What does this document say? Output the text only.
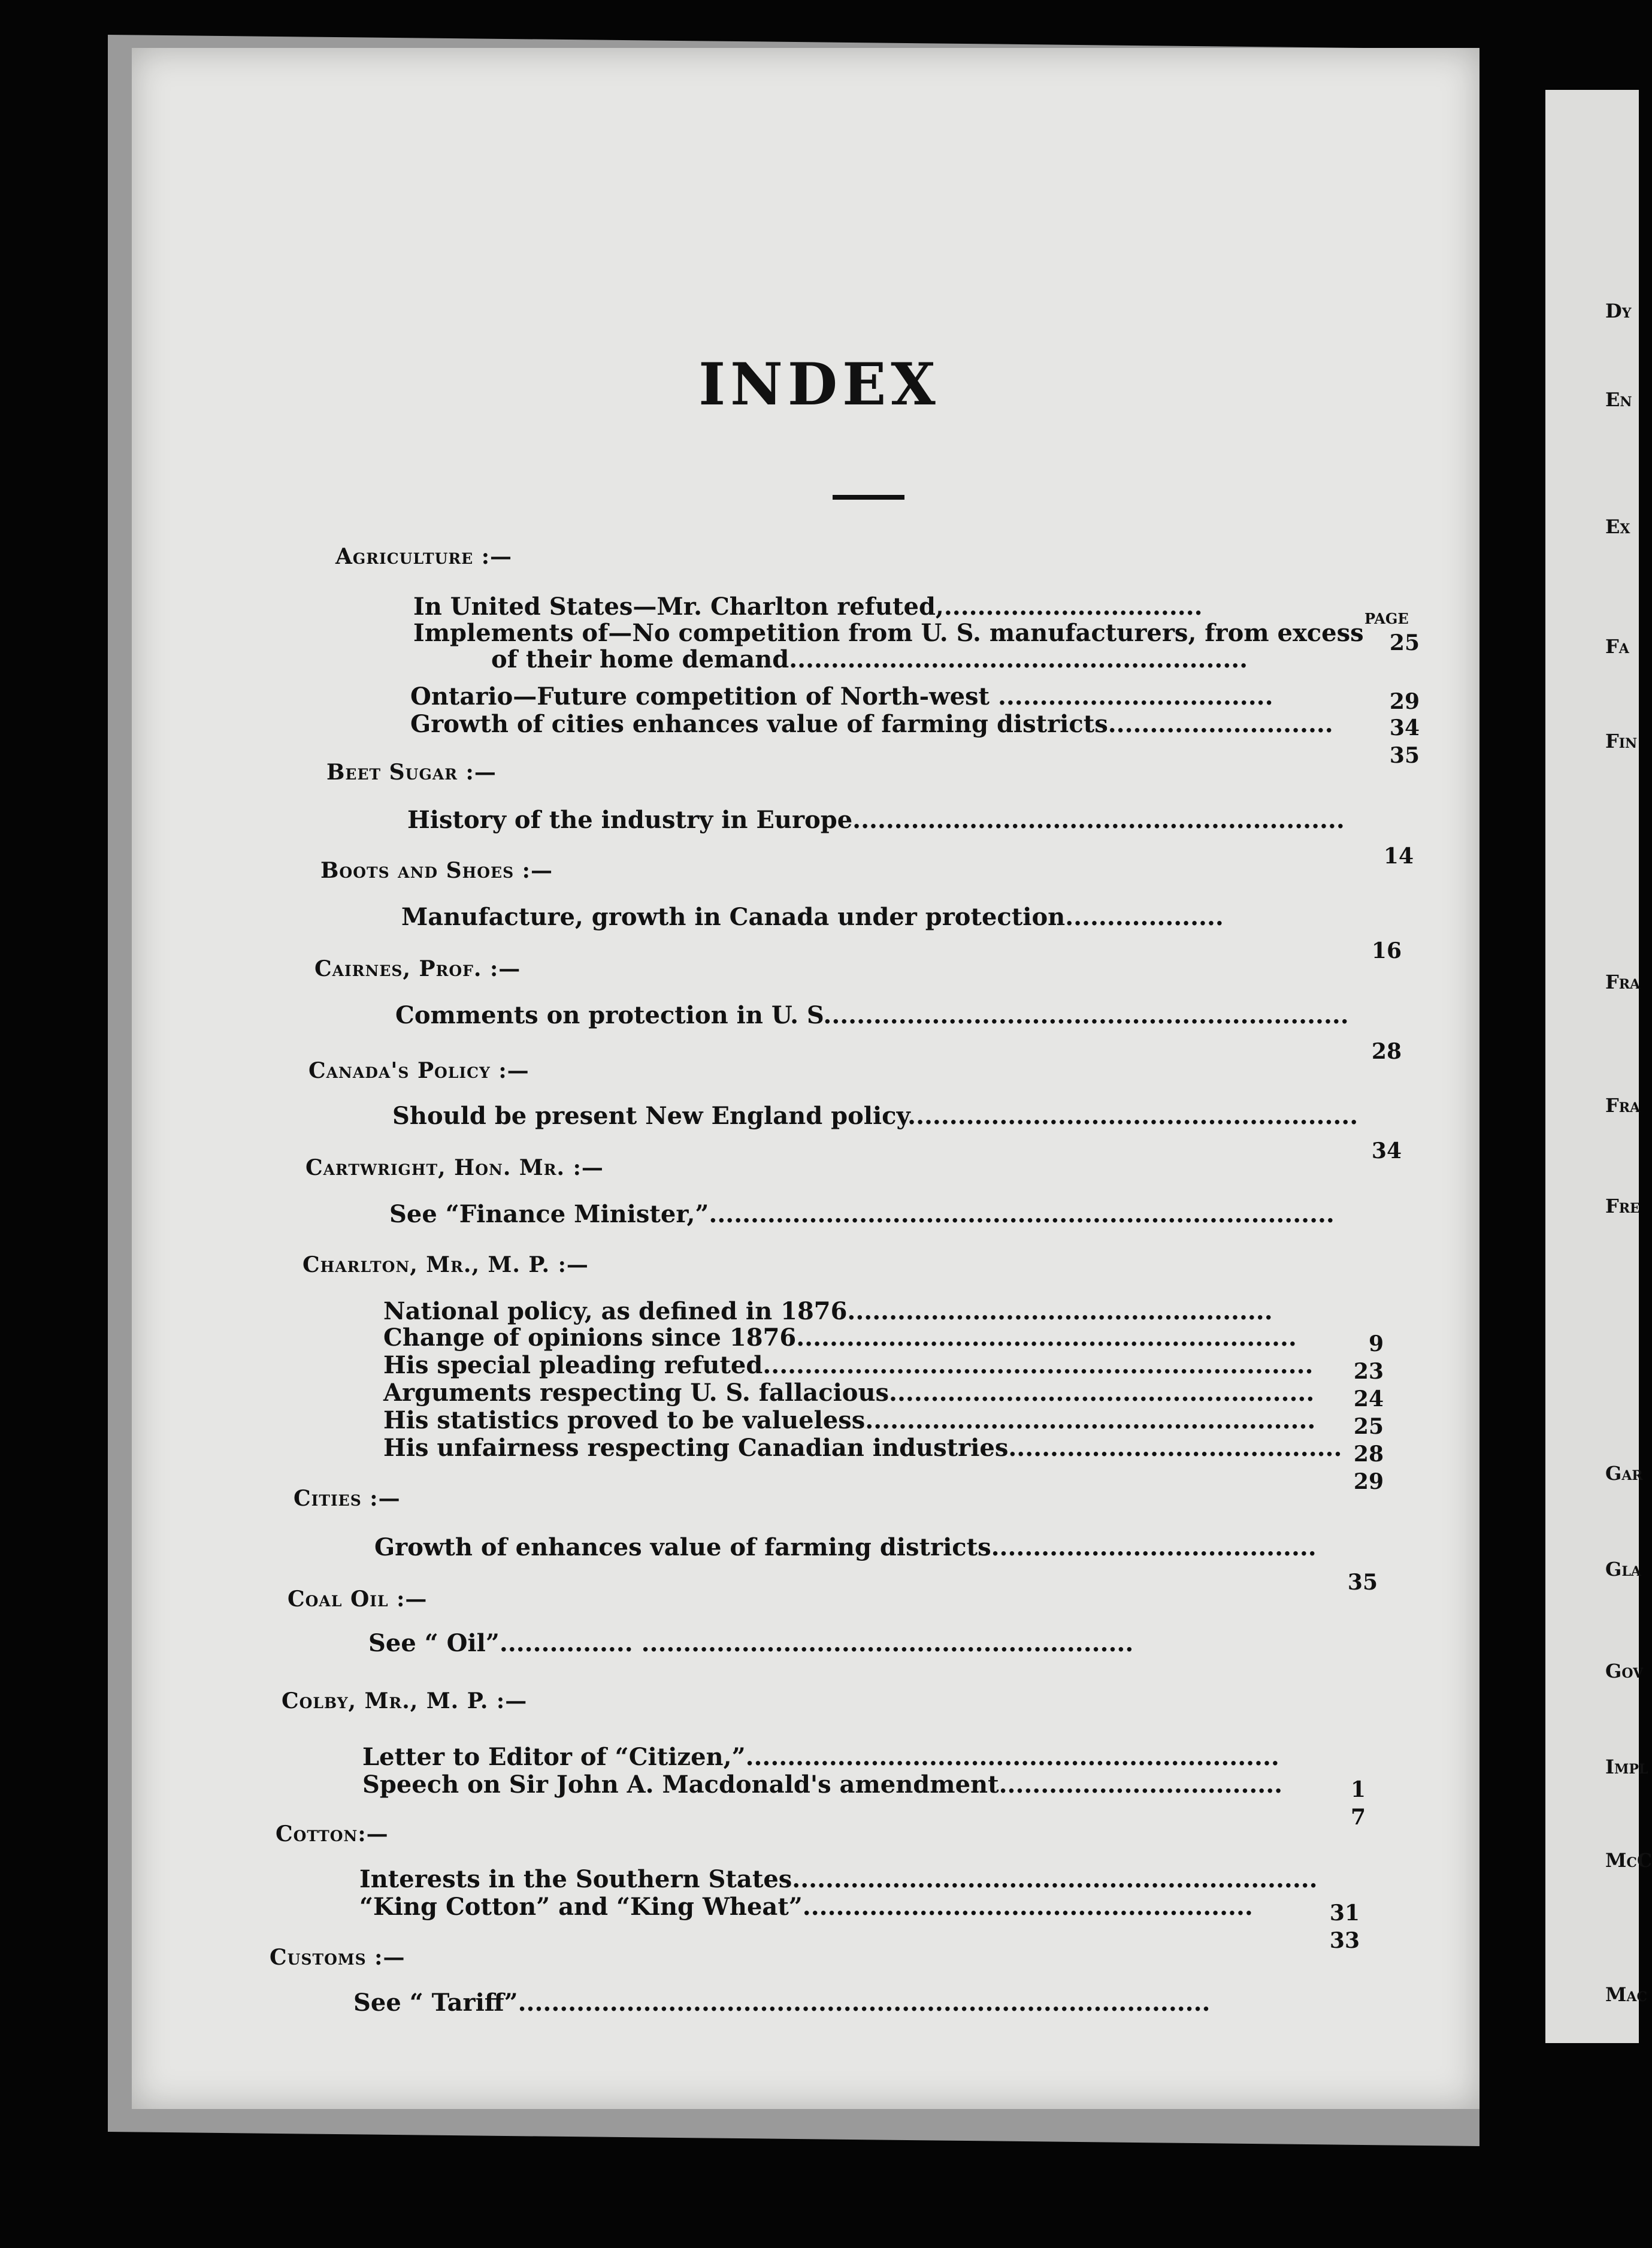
INDEX
PAGE
Agriculture :—
In United States—Mr. Charlton refuted,...............................
Implements of—No competition from U. S. manufacturers, from excess
of their home demand.......................................................
Ontario—Future competition of North-west .................................
Growth of cities enhances value of farming districts...........................
25
29
34
35
Beet Sugar :—
History of the industry in Europe...........................................................
14
Boots and Shoes :—
Manufacture, growth in Canada under protection...................
16
Cairnes, Prof. :—
Comments on protection in U. S...............................................................
28
Canada's Policy :—
Should be present New England policy......................................................
34
Cartwright, Hon. Mr. :—
See “Finance Minister,”...........................................................................
Charlton, Mr., M. P. :—
National policy, as defined in 1876...................................................
Change of opinions since 1876............................................................
His special pleading refuted..................................................................
Arguments respecting U. S. fallacious...................................................
His statistics proved to be valueless......................................................
His unfairness respecting Canadian industries........................................
9
23
24
25
28
29
Cities :—
Growth of enhances value of farming districts.......................................
35
Coal Oil :—
See “ Oil”................ ...........................................................
Colby, Mr., M. P. :—
Letter to Editor of “Citizen,”................................................................
Speech on Sir John A. Macdonald's amendment..................................	1
7
Cotton:—
Interests in the Southern States...............................................................
“King Cotton” and “King Wheat”......................................................	31
33
Customs :—
See “ Tariff”...................................................................................
Dy
En
Ex
Fa
Fin
Fra
Fra
Fre
Gar
Gla
Gov
Impl
McC
Mac
